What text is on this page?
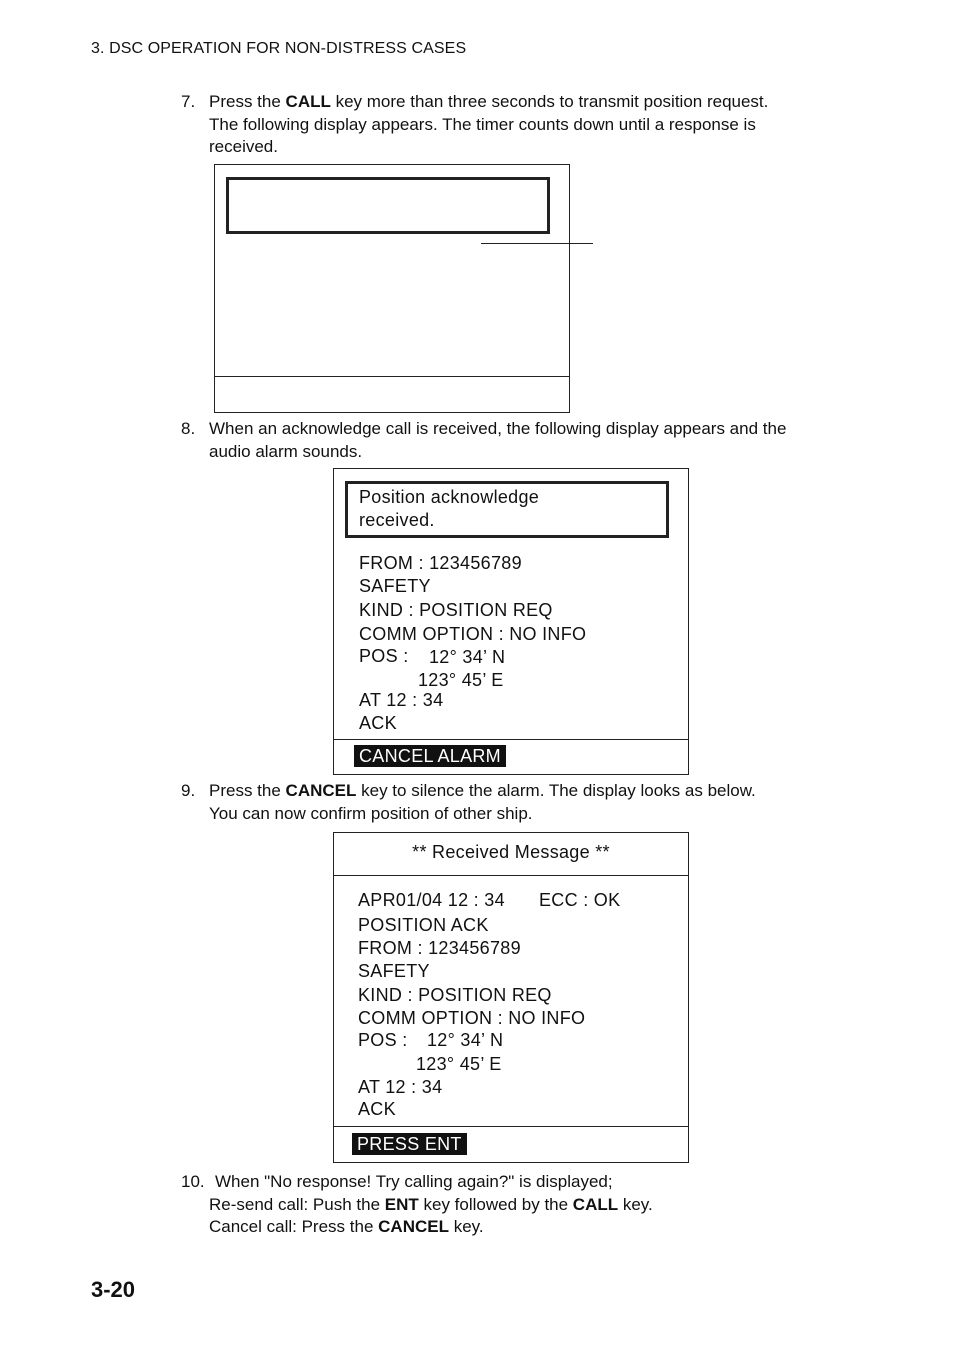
3. DSC OPERATION FOR NON-DISTRESS CASES
7. Press the CALL key more than three seconds to transmit position request.
The following display appears. The timer counts down until a response is
received.
8. When an acknowledge call is received, the following display appears and the
audio alarm sounds.
Position acknowledge
received.
FROM : 123456789
SAFETY
KIND : POSITION REQ
COMM OPTION : NO INFO
POS : 12° 34’ N
123° 45’ E
AT 12 : 34
ACK
CANCEL ALARM
9. Press the CANCEL key to silence the alarm. The display looks as below.
You can now confirm position of other ship.
** Received Message **
APR01/04 12 : 34 ECC : OK
POSITION ACK
FROM : 123456789
SAFETY
KIND : POSITION REQ
COMM OPTION : NO INFO
POS : 12° 34’ N
123° 45’ E
AT 12 : 34
ACK
PRESS ENT
10. When "No response! Try calling again?" is displayed;
Re-send call: Push the ENT key followed by the CALL key.
Cancel call: Press the CANCEL key.
3-20
